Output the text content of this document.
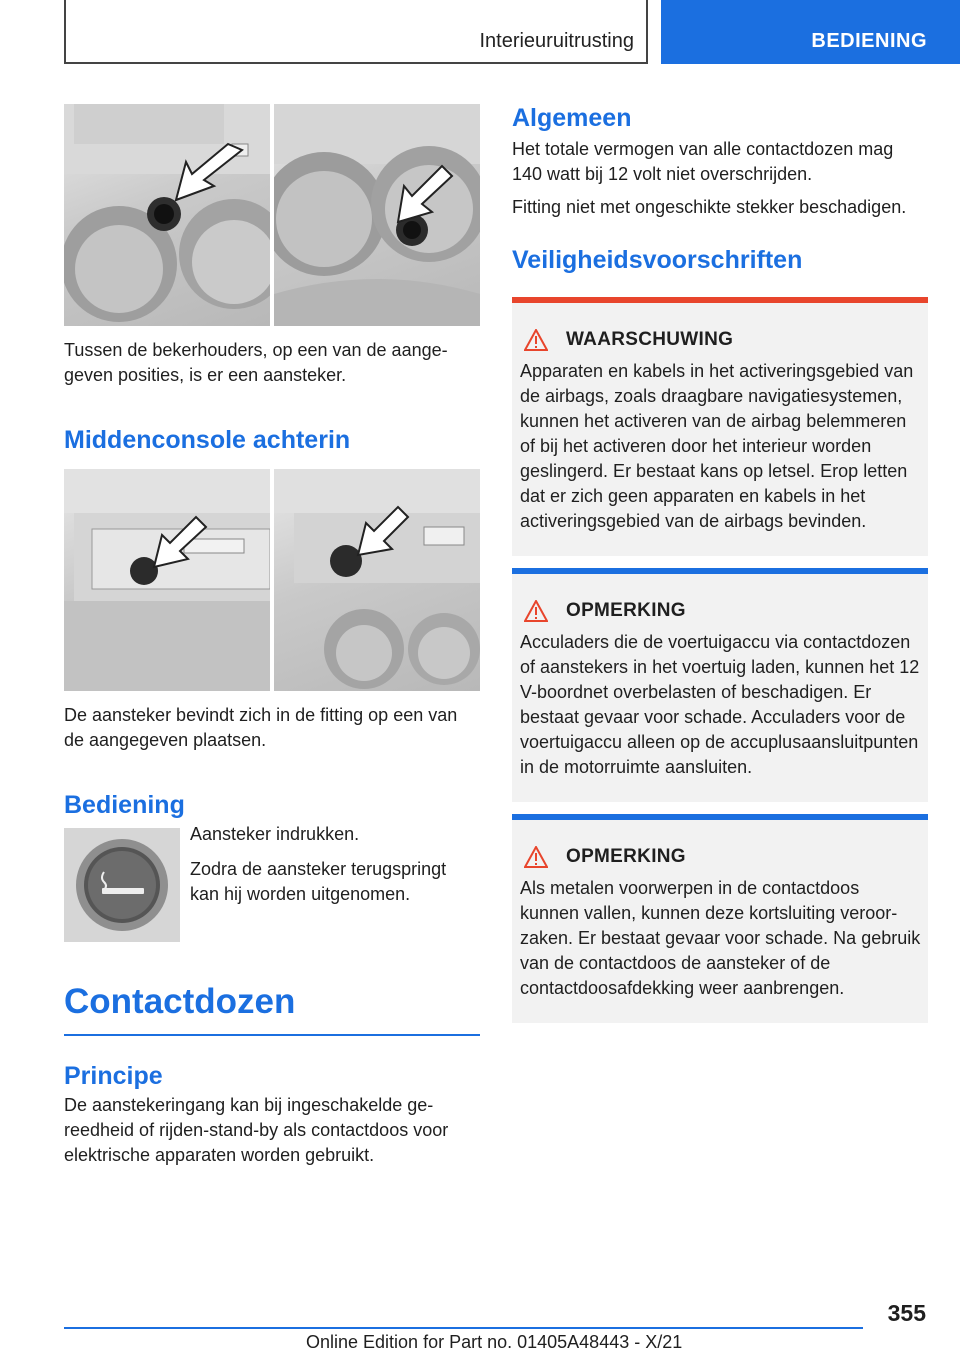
Interieuruitrusting	BEDIENING

Tussen de bekerhouders, op een van de aangegeven posities, is er een aansteker.

Middenconsole achterin

De aansteker bevindt zich in de fitting op een van de aangegeven plaatsen.

Bediening

Aansteker indrukken.

Zodra de aansteker terugspringt kan hij worden uitgenomen.

Contactdozen
Principe

De aanstekeringang kan bij ingeschakelde gereedheid of rijden-stand-by als contactdoos voor elektrische apparaten worden gebruikt.

Algemeen

Het totale vermogen van alle contactdozen mag 140 watt bij 12 volt niet overschrijden.

Fitting niet met ongeschikte stekker beschadigen.

Veiligheidsvoorschriften
WAARSCHUWING
Apparaten en kabels in het activeringsgebied van de airbags, zoals draagbare navigatiesystemen, kunnen het activeren van de airbag belemmeren of bij het activeren door het interieur worden geslingerd. Er bestaat kans op letsel. Erop letten dat er zich geen apparaten en kabels in het activeringsgebied van de airbags bevinden.
OPMERKING
Acculaders die de voertuigaccu via contactdozen of aanstekers in het voertuig laden, kunnen het 12 V-boordnet overbelasten of beschadigen. Er bestaat gevaar voor schade. Acculaders voor de voertuigaccu alleen op de accuplusaansluitpunten in de motorruimte aansluiten.
OPMERKING
Als metalen voorwerpen in de contactdoos kunnen vallen, kunnen deze kortsluiting veroorzaken. Er bestaat gevaar voor schade. Na gebruik van de contactdoos de aansteker of de contactdoosafdekking weer aanbrengen.
355
Online Edition for Part no. 01405A48443 - X/21
